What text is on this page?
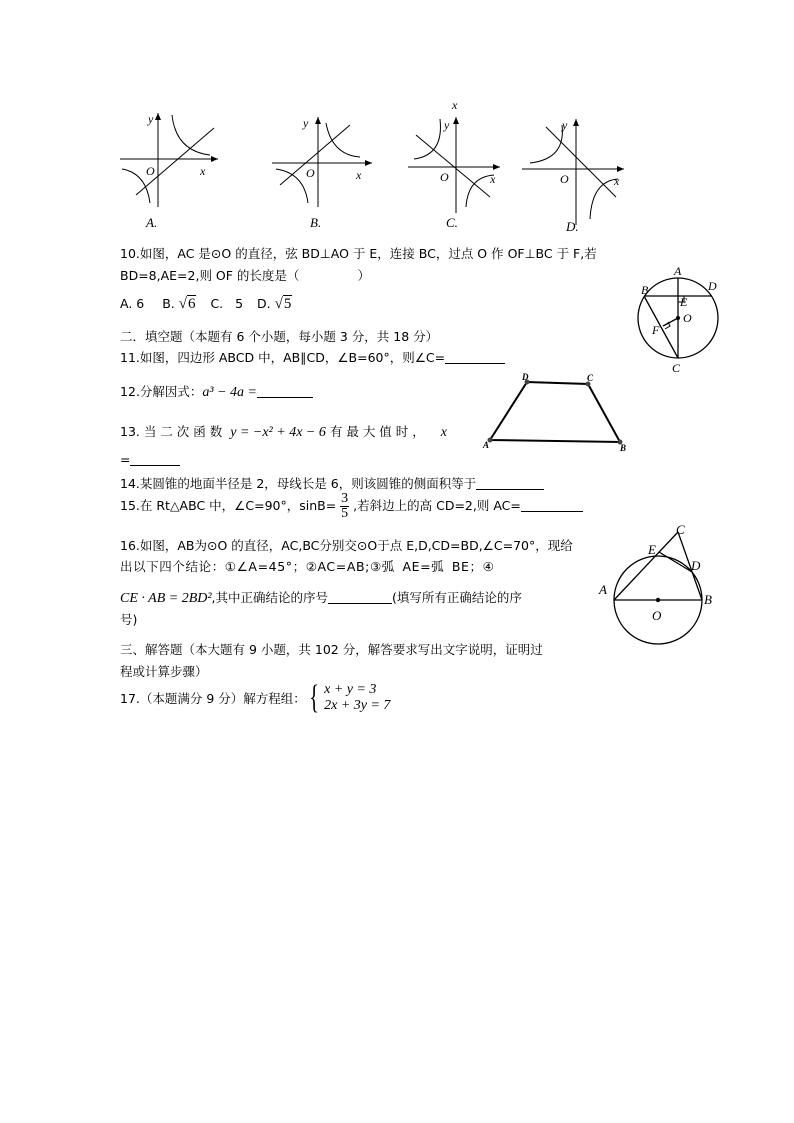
y
x
O
A.
y
x
O
B.
x
y
x
O
C.
y
x
O
D.
10.如图，AC 是⊙O 的直径，弦 BD⊥AO 于 E，连接 BC，过点 O 作 OF⊥BC 于 F,若
BD=8,AE=2,则 OF 的长度是（	）
A. 6 B. √6 C. 5 D. √5
A
B	D
E
F
O
C
二．填空题（本题有 6 个小题，每小题 3 分，共 18 分）
11.如图，四边形 ABCD 中，AB∥CD，∠B=60°，则∠C=
D	C
A	B
12.分解因式：a³ − 4a =
13. 当 二 次 函 数 y = −x² + 4x − 6 有 最 大 值 时 ， x
=
14.某圆锥的地面半径是 2，母线长是 6，则该圆锥的侧面积等于
15.在 Rt△ABC 中，∠C=90°，$\sin B= \frac{3}{5}$ ,若斜边上的高 CD=2,则 AC=
16.如图，AB为⊙O 的直径，AC,BC分别交⊙O于点 E,D,CD=BD,∠C=70°，现给
出以下四个结论：①∠A=45°；②AC=AB;③弧 AE=弧 BE；④
CE · AB = 2BD²,其中正确结论的序号	(填写所有正确结论的序
号)
C
E
D
A
B
O
三、解答题（本大题有 9 小题，共 102 分，解答要求写出文字说明，证明过
程或计算步骤）
17.（本题满分 9 分）解方程组： { x + y = 3
2x + 3y = 7
